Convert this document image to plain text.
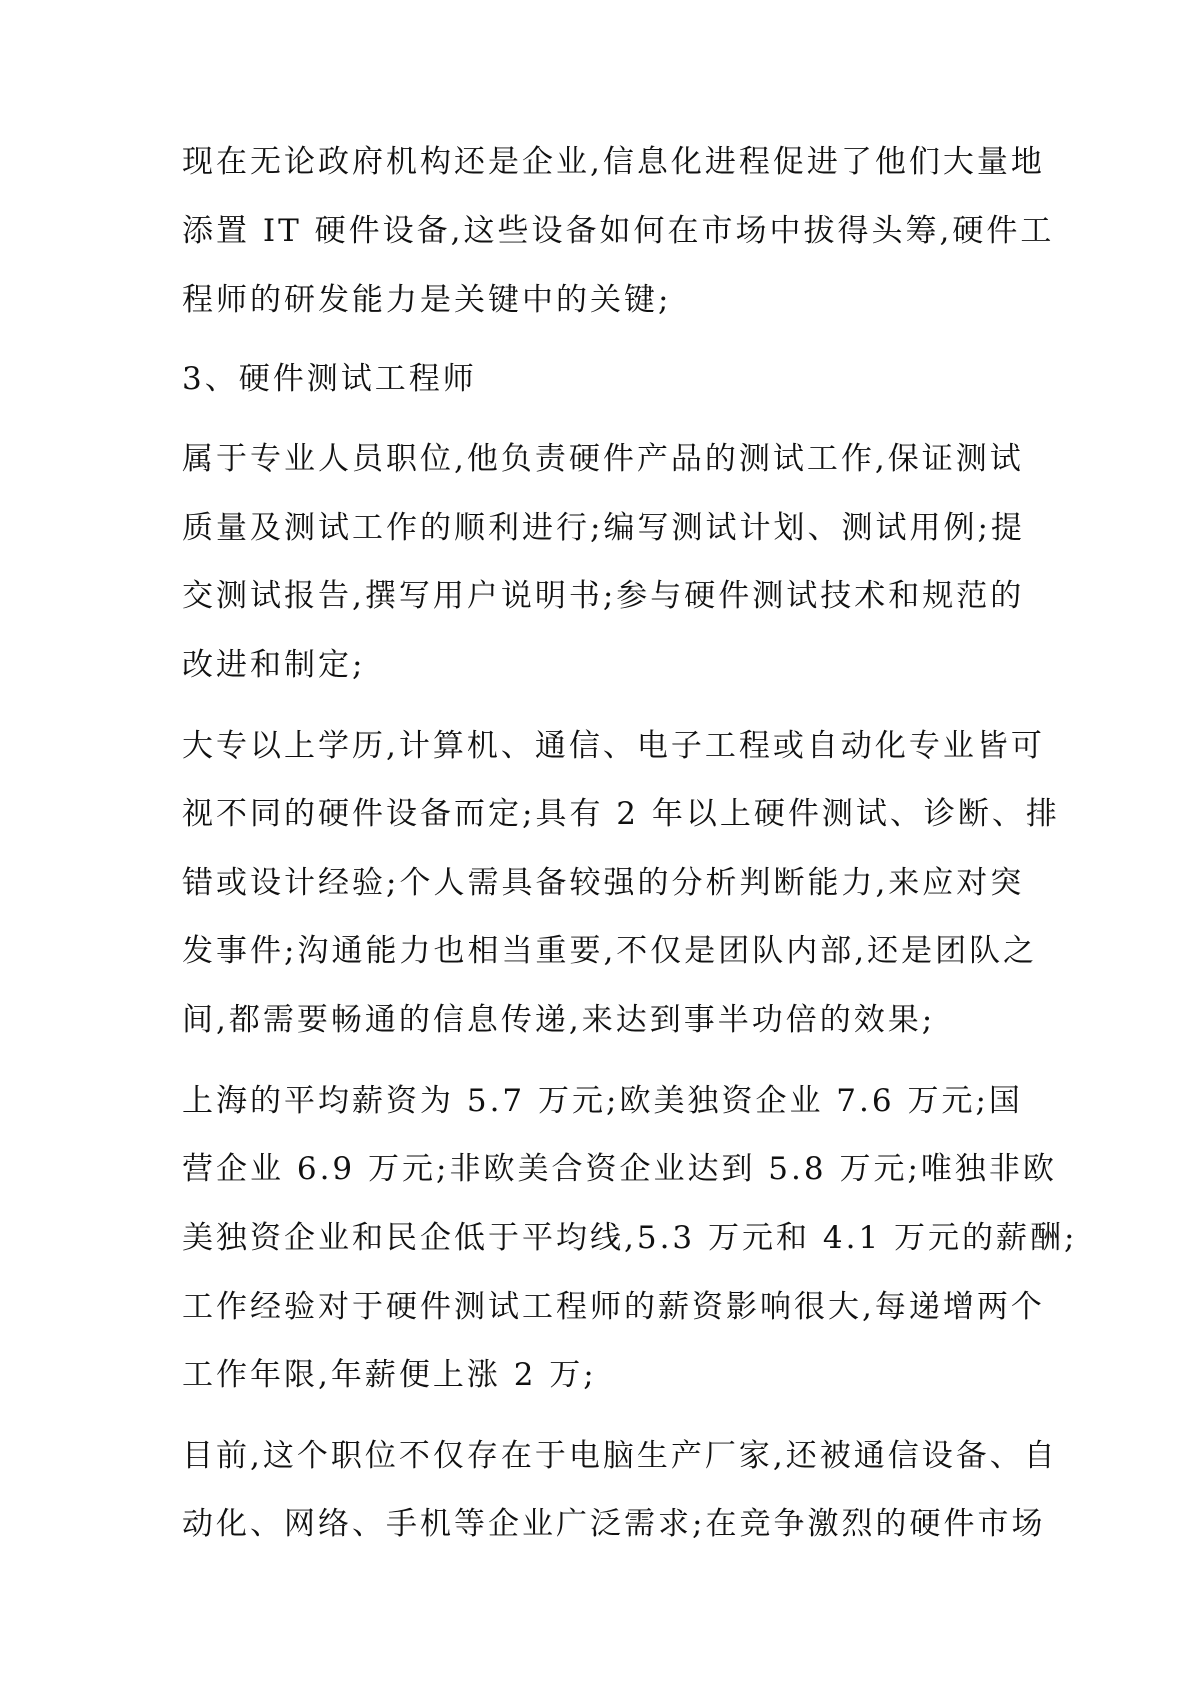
现在无论政府机构还是企业,信息化进程促进了他们大量地

添置 IT 硬件设备,这些设备如何在市场中拔得头筹,硬件工

程师的研发能力是关键中的关键;

3、硬件测试工程师

属于专业人员职位,他负责硬件产品的测试工作,保证测试

质量及测试工作的顺利进行;编写测试计划、测试用例;提

交测试报告,撰写用户说明书;参与硬件测试技术和规范的

改进和制定;

大专以上学历,计算机、通信、电子工程或自动化专业皆可

视不同的硬件设备而定;具有 2 年以上硬件测试、诊断、排

错或设计经验;个人需具备较强的分析判断能力,来应对突

发事件;沟通能力也相当重要,不仅是团队内部,还是团队之

间,都需要畅通的信息传递,来达到事半功倍的效果;

上海的平均薪资为 5.7 万元;欧美独资企业 7.6 万元;国

营企业 6.9 万元;非欧美合资企业达到 5.8 万元;唯独非欧

美独资企业和民企低于平均线,5.3 万元和 4.1 万元的薪酬;

工作经验对于硬件测试工程师的薪资影响很大,每递增两个

工作年限,年薪便上涨 2 万;

目前,这个职位不仅存在于电脑生产厂家,还被通信设备、自

动化、网络、手机等企业广泛需求;在竞争激烈的硬件市场
